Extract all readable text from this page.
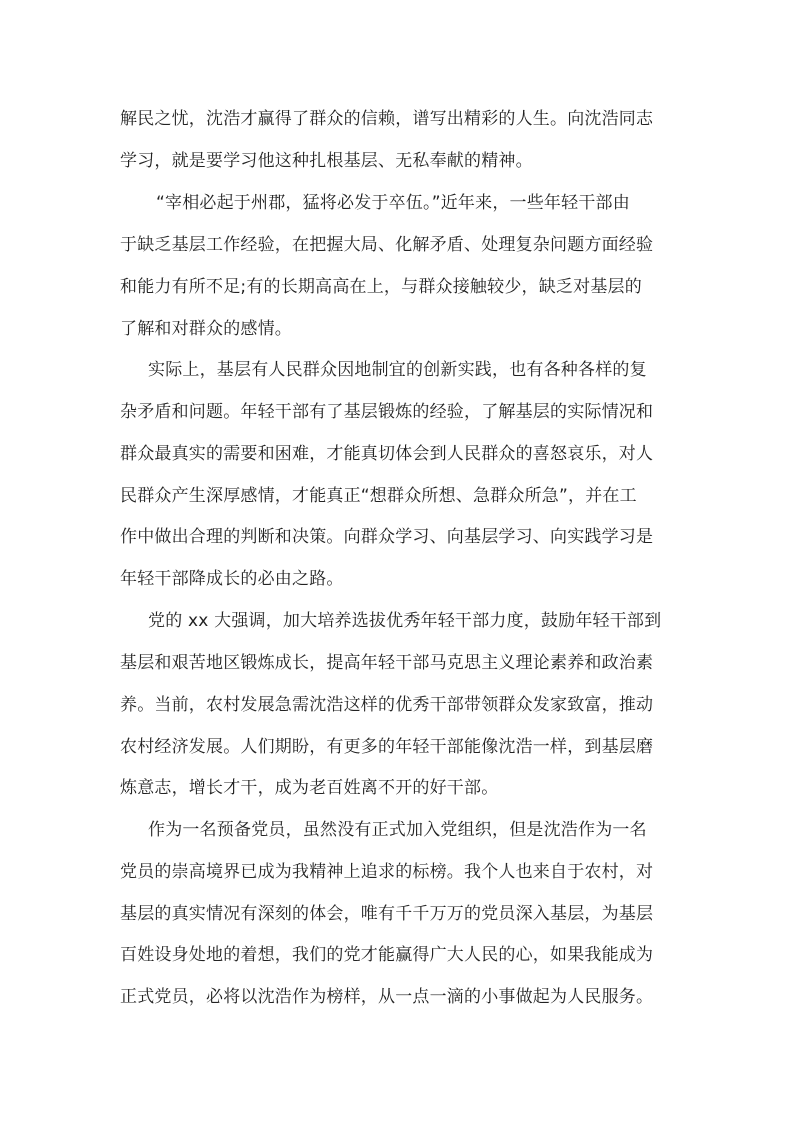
解民之忧，沈浩才赢得了群众的信赖，谱写出精彩的人生。向沈浩同志
学习，就是要学习他这种扎根基层、无私奉献的精神。
“宰相必起于州郡，猛将必发于卒伍。”近年来，一些年轻干部由
于缺乏基层工作经验，在把握大局、化解矛盾、处理复杂问题方面经验
和能力有所不足;有的长期高高在上，与群众接触较少，缺乏对基层的
了解和对群众的感情。
实际上，基层有人民群众因地制宜的创新实践，也有各种各样的复
杂矛盾和问题。年轻干部有了基层锻炼的经验，了解基层的实际情况和
群众最真实的需要和困难，才能真切体会到人民群众的喜怒哀乐，对人
民群众产生深厚感情，才能真正“想群众所想、急群众所急”，并在工
作中做出合理的判断和决策。向群众学习、向基层学习、向实践学习是
年轻干部降成长的必由之路。
党的 xx 大强调，加大培养选拔优秀年轻干部力度，鼓励年轻干部到
基层和艰苦地区锻炼成长，提高年轻干部马克思主义理论素养和政治素
养。当前，农村发展急需沈浩这样的优秀干部带领群众发家致富，推动
农村经济发展。人们期盼，有更多的年轻干部能像沈浩一样，到基层磨
炼意志，增长才干，成为老百姓离不开的好干部。
作为一名预备党员，虽然没有正式加入党组织，但是沈浩作为一名
党员的崇高境界已成为我精神上追求的标榜。我个人也来自于农村，对
基层的真实情况有深刻的体会，唯有千千万万的党员深入基层，为基层
百姓设身处地的着想，我们的党才能赢得广大人民的心，如果我能成为
正式党员，必将以沈浩作为榜样，从一点一滴的小事做起为人民服务。
